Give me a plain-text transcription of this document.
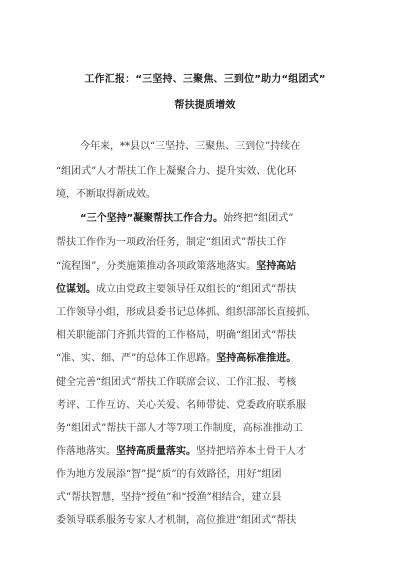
工作汇报：“三坚持、三聚焦、三到位”助力“组团式”
帮扶提质增效
今年来，**县以“三坚持、三聚焦、三到位”持续在
“组团式”人才帮扶工作上凝聚合力、提升实效、优化环
境，不断取得新成效。
“三个坚持”凝聚帮扶工作合力。始终把“组团式”
帮扶工作作为一项政治任务，制定“组团式”帮扶工作
“流程图”，分类施策推动各项政策落地落实。坚持高站
位谋划。成立由党政主要领导任双组长的“组团式”帮扶
工作领导小组，形成县委书记总体抓、组织部部长直接抓、
相关职能部门齐抓共管的工作格局，明确“组团式”帮扶
“准、实、细、严”的总体工作思路。坚持高标准推进。
健全完善“组团式”帮扶工作联席会议、工作汇报、考核
考评、工作互访、关心关爱、名师带徒、党委政府联系服
务“组团式”帮扶干部人才等7项工作制度，高标准推动工
作落地落实。坚持高质量落实。坚持把培养本土骨干人才
作为地方发展添“智”提“质”的有效路径，用好“组团
式”帮扶智慧，坚持“授鱼”和“授渔”相结合，建立县
委领导联系服务专家人才机制，高位推进“组团式”帮扶
